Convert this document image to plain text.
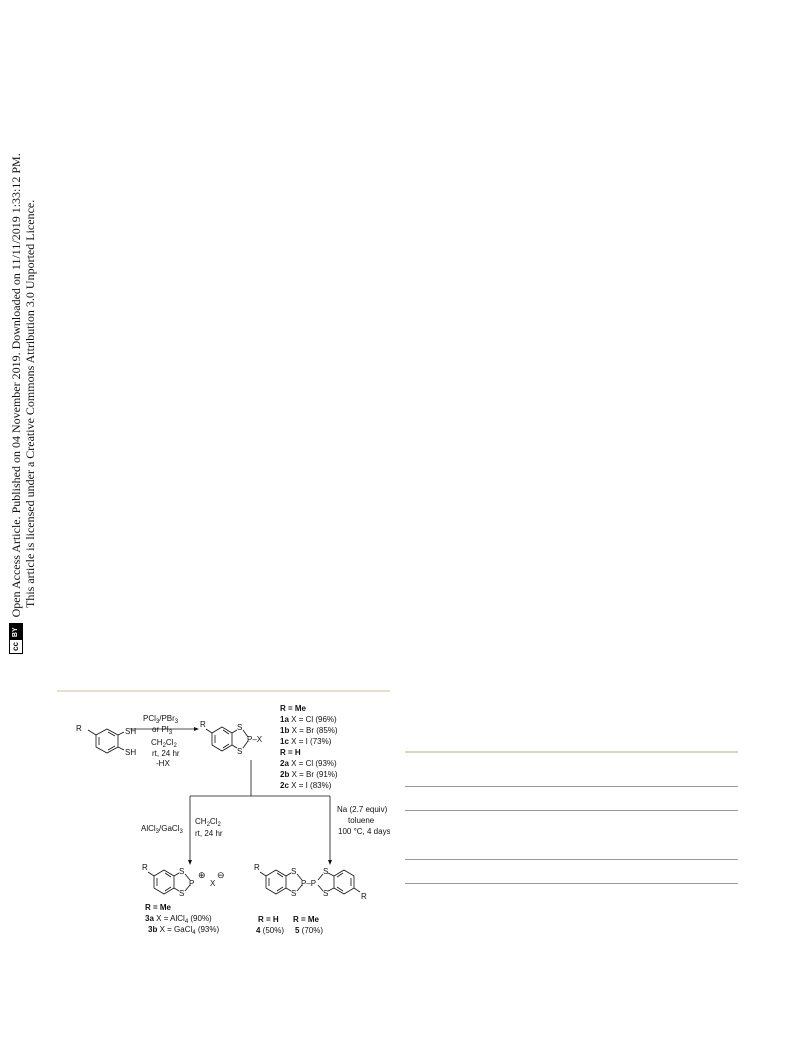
cc
BY
Open Access Article. Published on 04 November 2019. Downloaded on 11/11/2019 1:33:12 PM. This article is licensed under a Creative Commons Attribution 3.0 Unported Licence.
R	SH
SH
PCl$_3$/PBr$_3$
or $PI_3$
$CH_2Cl_2$
rt, 24 hr
-HX
R	S
S
P–X
R = Me
1a X = Cl (96%)
1b X = Br (85%)
1c X = I (73%)
R = H
2a X = Cl (93%)
2b X = Br (91%)
2c X = I (83%)
AlCl$_3$/GaCl$_3$
$CH_2Cl_2$
rt, 24 hr
Na (2.7 equiv)
toluene
100 °C, 4 days
R	S
S
P
⊕
X
⊖
R = Me
3a X = AlCl$_4$ (90%)
3b X = GaCl$_4$ (93%)
R	S
S
P–P
S
S	R
R = H R = Me
4 (50%) 5 (70%)
